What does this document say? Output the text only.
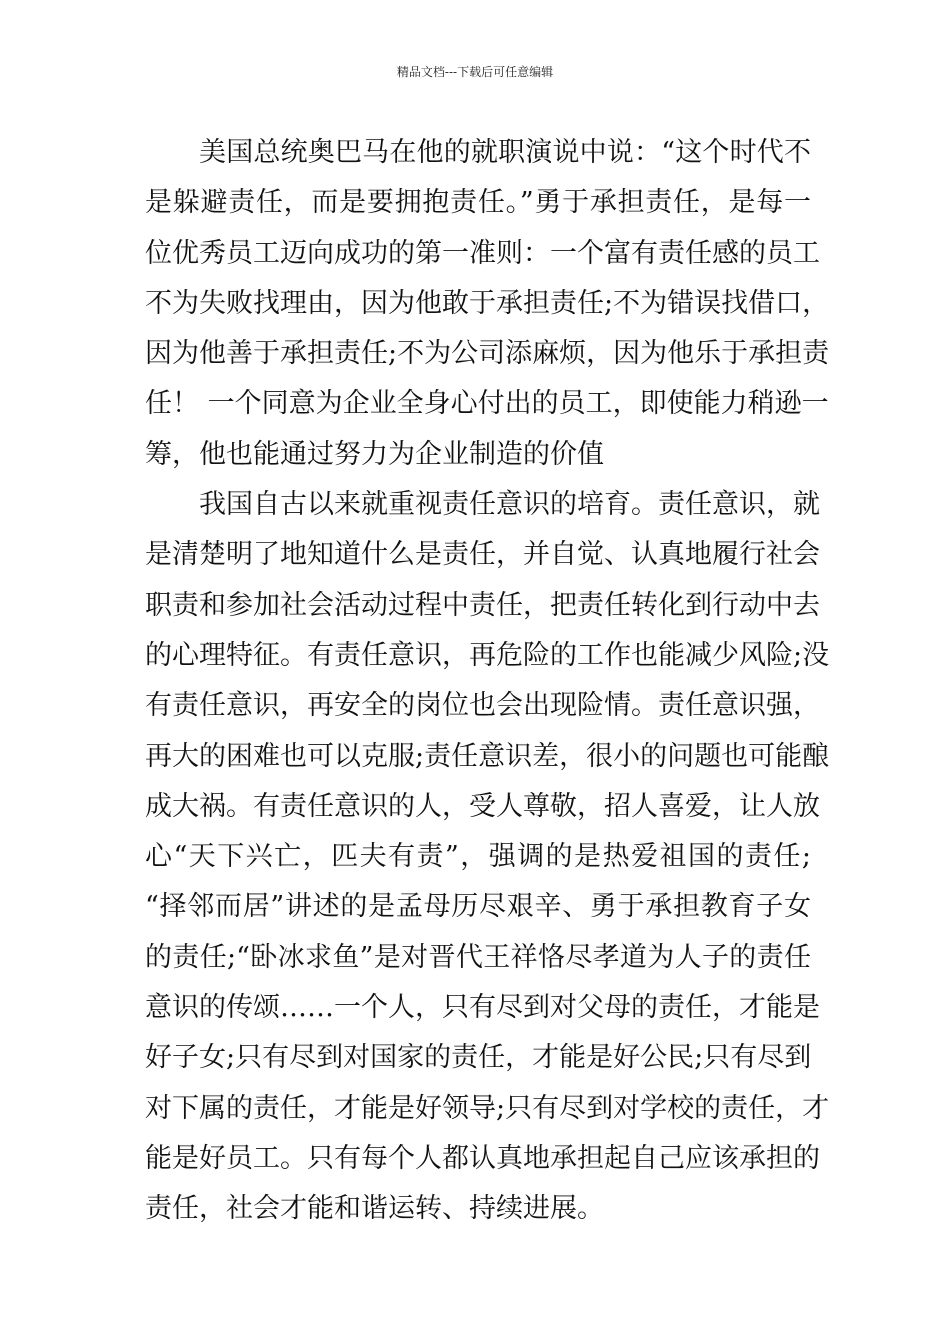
精品文档---下载后可任意编辑
美国总统奥巴马在他的就职演说中说：“这个时代不
是躲避责任，而是要拥抱责任。”勇于承担责任，是每一
位优秀员工迈向成功的第一准则：一个富有责任感的员工
不为失败找理由，因为他敢于承担责任;不为错误找借口，
因为他善于承担责任;不为公司添麻烦，因为他乐于承担责
任！ 一个同意为企业全身心付出的员工，即使能力稍逊一
筹，他也能通过努力为企业制造的价值
我国自古以来就重视责任意识的培育。责任意识，就
是清楚明了地知道什么是责任，并自觉、认真地履行社会
职责和参加社会活动过程中责任，把责任转化到行动中去
的心理特征。有责任意识，再危险的工作也能减少风险;没
有责任意识，再安全的岗位也会出现险情。责任意识强，
再大的困难也可以克服;责任意识差，很小的问题也可能酿
成大祸。有责任意识的人，受人尊敬，招人喜爱，让人放
心“天下兴亡，匹夫有责”，强调的是热爱祖国的责任;
“择邻而居”讲述的是孟母历尽艰辛、勇于承担教育子女
的责任;“卧冰求鱼”是对晋代王祥恪尽孝道为人子的责任
意识的传颂……一个人，只有尽到对父母的责任，才能是
好子女;只有尽到对国家的责任，才能是好公民;只有尽到
对下属的责任，才能是好领导;只有尽到对学校的责任，才
能是好员工。只有每个人都认真地承担起自己应该承担的
责任，社会才能和谐运转、持续进展。
